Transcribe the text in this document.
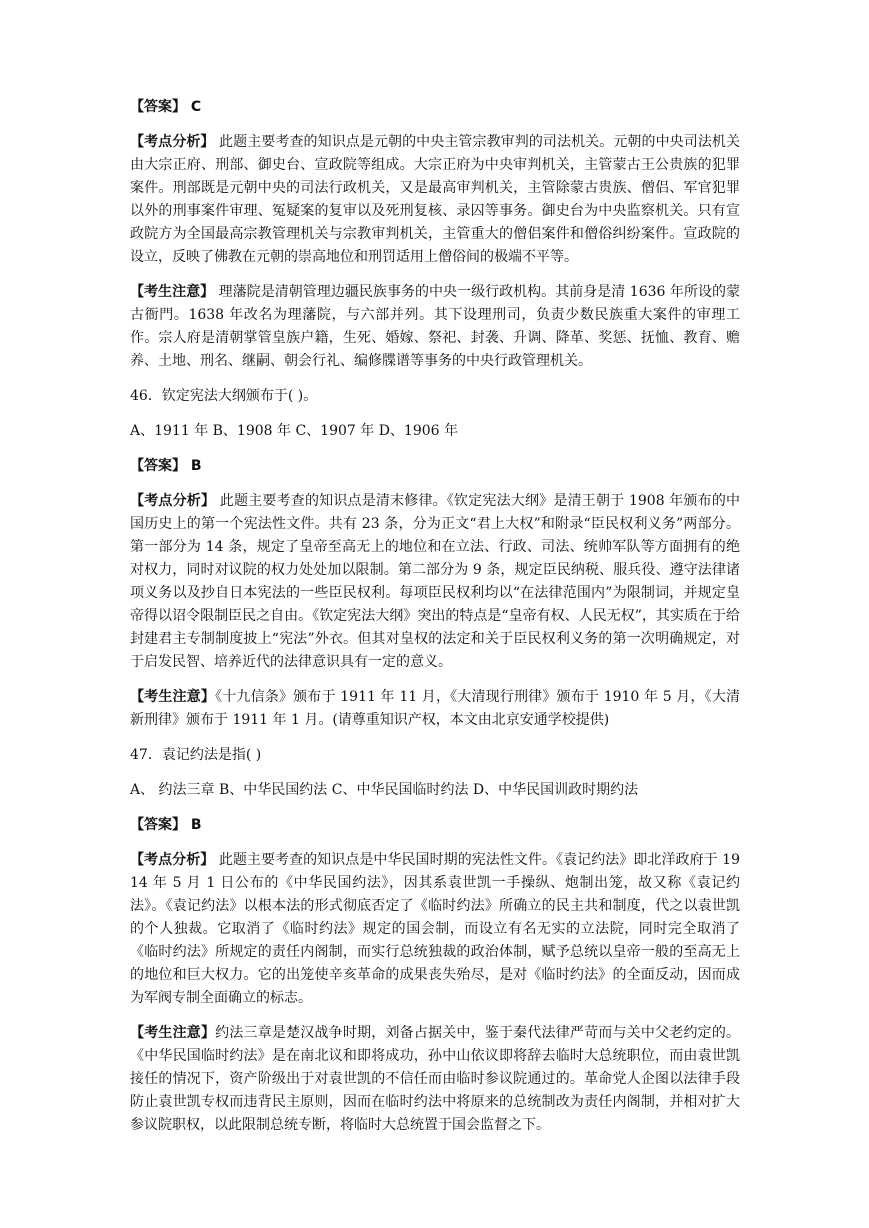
【答案】 C

【考点分析】 此题主要考查的知识点是元朝的中央主管宗教审判的司法机关。元朝的中央司法机关由大宗正府、刑部、御史台、宣政院等组成。大宗正府为中央审判机关，主管蒙古王公贵族的犯罪案件。刑部既是元朝中央的司法行政机关，又是最高审判机关，主管除蒙古贵族、僧侣、军官犯罪以外的刑事案件审理、冤疑案的复审以及死刑复核、录囚等事务。御史台为中央监察机关。只有宣政院方为全国最高宗教管理机关与宗教审判机关，主管重大的僧侣案件和僧俗纠纷案件。宣政院的设立，反映了佛教在元朝的崇高地位和刑罚适用上僧俗间的极端不平等。

【考生注意】 理藩院是清朝管理边疆民族事务的中央一级行政机构。其前身是清 1636 年所设的蒙古衙門。1638 年改名为理藩院，与六部并列。其下设理刑司，负责少数民族重大案件的审理工作。宗人府是清朝掌管皇族户籍，生死、婚嫁、祭祀、封袭、升调、降革、奖惩、抚恤、教育、赡养、土地、刑名、继嗣、朝会行礼、编修牒谱等事务的中央行政管理机关。

46．钦定宪法大纲颁布于( )。

A、1911 年 B、1908 年 C、1907 年 D、1906 年

【答案】 B

【考点分析】 此题主要考查的知识点是清末修律。《钦定宪法大纲》是清王朝于 1908 年颁布的中国历史上的第一个宪法性文件。共有 23 条，分为正文“君上大权”和附录“臣民权利义务”两部分。第一部分为 14 条，规定了皇帝至高无上的地位和在立法、行政、司法、统帅军队等方面拥有的绝对权力，同时对议院的权力处处加以限制。第二部分为 9 条，规定臣民纳税、服兵役、遵守法律诸项义务以及抄自日本宪法的一些臣民权利。每项臣民权利均以“在法律范围内”为限制词，并规定皇帝得以诏令限制臣民之自由。《钦定宪法大纲》突出的特点是“皇帝有权、人民无权”，其实质在于给封建君主专制制度披上“宪法”外衣。但其对皇权的法定和关于臣民权利义务的第一次明确规定，对于启发民智、培养近代的法律意识具有一定的意义。

【考生注意】《十九信条》颁布于 1911 年 11 月，《大清现行刑律》颁布于 1910 年 5 月，《大清新刑律》颁布于 1911 年 1 月。(请尊重知识产权，本文由北京安通学校提供)

47．袁记约法是指( )

A、 约法三章 B、中华民国约法 C、中华民国临时约法 D、中华民国训政时期约法

【答案】 B

【考点分析】 此题主要考查的知识点是中华民国时期的宪法性文件。《袁记约法》即北洋政府于 1914 年 5 月 1 日公布的《中华民国约法》，因其系袁世凯一手操纵、炮制出笼，故又称《袁记约法》。《袁记约法》以根本法的形式彻底否定了《临时约法》所确立的民主共和制度，代之以袁世凯的个人独裁。它取消了《临时约法》规定的国会制，而设立有名无实的立法院，同时完全取消了《临时约法》所规定的责任内阁制，而实行总统独裁的政治体制，赋予总统以皇帝一般的至高无上的地位和巨大权力。它的出笼使辛亥革命的成果丧失殆尽，是对《临时约法》的全面反动，因而成为军阀专制全面确立的标志。

【考生注意】约法三章是楚汉战争时期，刘备占据关中，鉴于秦代法律严苛而与关中父老约定的。《中华民国临时约法》是在南北议和即将成功，孙中山依议即将辞去临时大总统职位，而由袁世凯接任的情况下，资产阶级出于对袁世凯的不信任而由临时参议院通过的。革命党人企图以法律手段防止袁世凯专权而违背民主原则，因而在临时约法中将原来的总统制改为责任内阁制，并相对扩大参议院职权，以此限制总统专断，将临时大总统置于国会监督之下。
